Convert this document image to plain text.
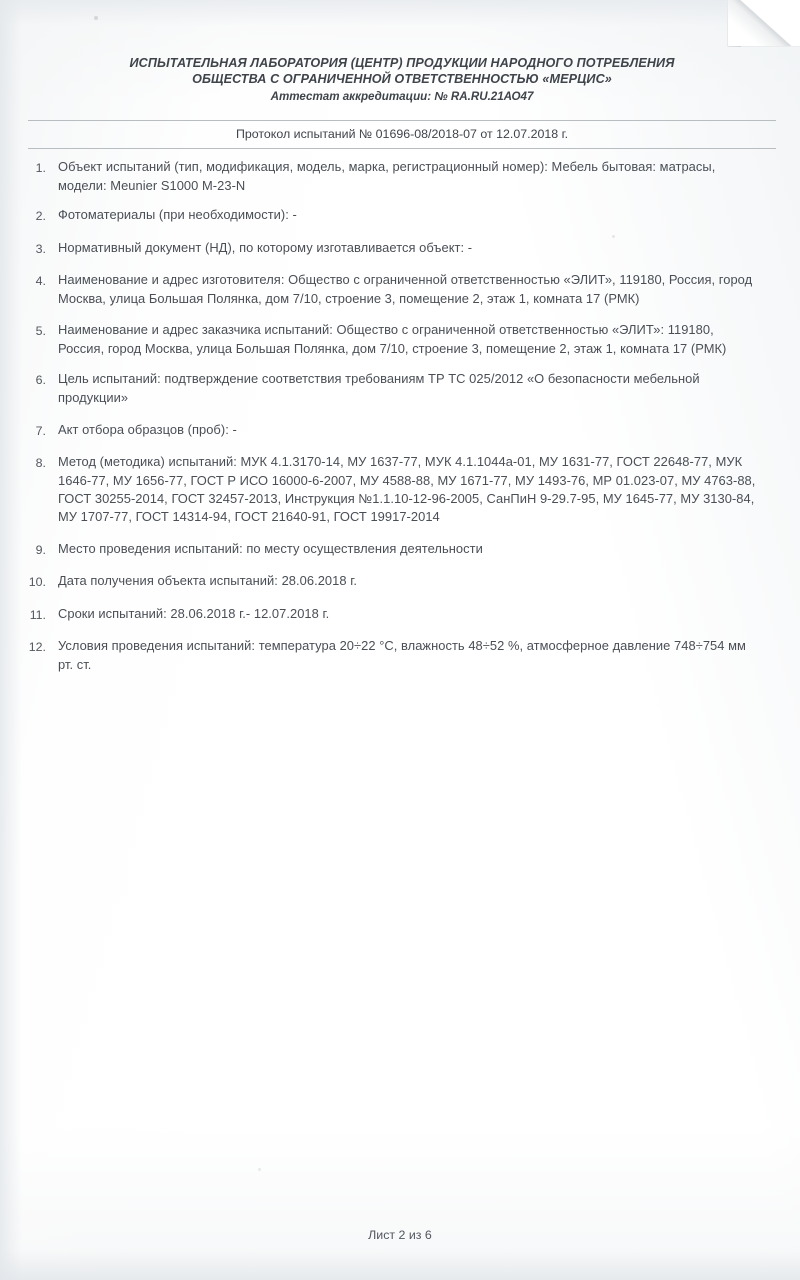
ИСПЫТАТЕЛЬНАЯ ЛАБОРАТОРИЯ (ЦЕНТР) ПРОДУКЦИИ НАРОДНОГО ПОТРЕБЛЕНИЯ
ОБЩЕСТВА С ОГРАНИЧЕННОЙ ОТВЕТСТВЕННОСТЬЮ «МЕРЦИС»
Аттестат аккредитации: № RA.RU.21АО47
Протокол испытаний № 01696-08/2018-07 от 12.07.2018 г.
1. Объект испытаний (тип, модификация, модель, марка, регистрационный номер): Мебель бытовая: матрасы, модели: Meunier S1000 M-23-N
2. Фотоматериалы (при необходимости): -
3. Нормативный документ (НД), по которому изготавливается объект: -
4. Наименование и адрес изготовителя: Общество с ограниченной ответственностью «ЭЛИТ», 119180, Россия, город Москва, улица Большая Полянка, дом 7/10, строение 3, помещение 2, этаж 1, комната 17 (РМК)
5. Наименование и адрес заказчика испытаний: Общество с ограниченной ответственностью «ЭЛИТ»: 119180, Россия, город Москва, улица Большая Полянка, дом 7/10, строение 3, помещение 2, этаж 1, комната 17 (РМК)
6. Цель испытаний: подтверждение соответствия требованиям ТР ТС 025/2012 «О безопасности мебельной продукции»
7. Акт отбора образцов (проб): -
8. Метод (методика) испытаний: МУК 4.1.3170-14, МУ 1637-77, МУК 4.1.1044а-01, МУ 1631-77, ГОСТ 22648-77, МУК 1646-77, МУ 1656-77, ГОСТ Р ИСО 16000-6-2007, МУ 4588-88, МУ 1671-77, МУ 1493-76, МР 01.023-07, МУ 4763-88, ГОСТ 30255-2014, ГОСТ 32457-2013, Инструкция №1.1.10-12-96-2005, СанПиН 9-29.7-95, МУ 1645-77, МУ 3130-84, МУ 1707-77, ГОСТ 14314-94, ГОСТ 21640-91, ГОСТ 19917-2014
9. Место проведения испытаний: по месту осуществления деятельности
10. Дата получения объекта испытаний: 28.06.2018 г.
11. Сроки испытаний: 28.06.2018 г.- 12.07.2018 г.
12. Условия проведения испытаний: температура 20÷22 °С, влажность 48÷52 %, атмосферное давление 748÷754 мм рт. ст.
Лист 2 из 6
